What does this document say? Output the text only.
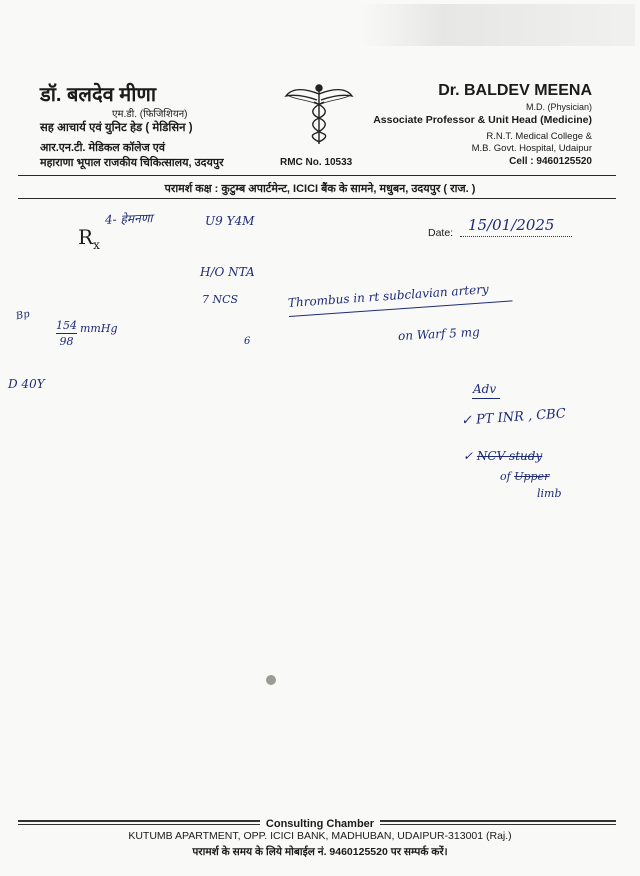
डॉ. बलदेव मीणा
एम.डी. (फिजिशियन)
सह आचार्य एवं युनिट हेड ( मेडिसिन )
आर.एन.टी. मेडिकल कॉलेज एवं
महाराणा भूपाल राजकीय चिकित्सालय, उदयपुर	RMC No. 10533
Dr. BALDEV MEENA
M.D. (Physician)
Associate Professor & Unit Head (Medicine)
R.N.T. Medical College &
M.B. Govt. Hospital, Udaipur
Cell : 9460125520
परामर्श कक्ष : कुटुम्ब अपार्टमेन्ट, ICICI बैंक के सामने, मधुबन, उदयपुर ( राज. )
$R_x$
Date: 15/01/2025
4- हेमनणा	U9 Y4M
H/O NTA
7 NCS
Bp
154
98
mmHg
Thrombus in rt subclavian artery
on Warf 5 mg
6
D 40Y	Adv
✓ PT INR , CBC
✓ NCV study
of Upper
limb
Consulting Chamber
KUTUMB APARTMENT, OPP. ICICI BANK, MADHUBAN, UDAIPUR-313001 (Raj.)
परामर्श के समय के लिये मोबाईल नं. 9460125520 पर सम्पर्क करें।
